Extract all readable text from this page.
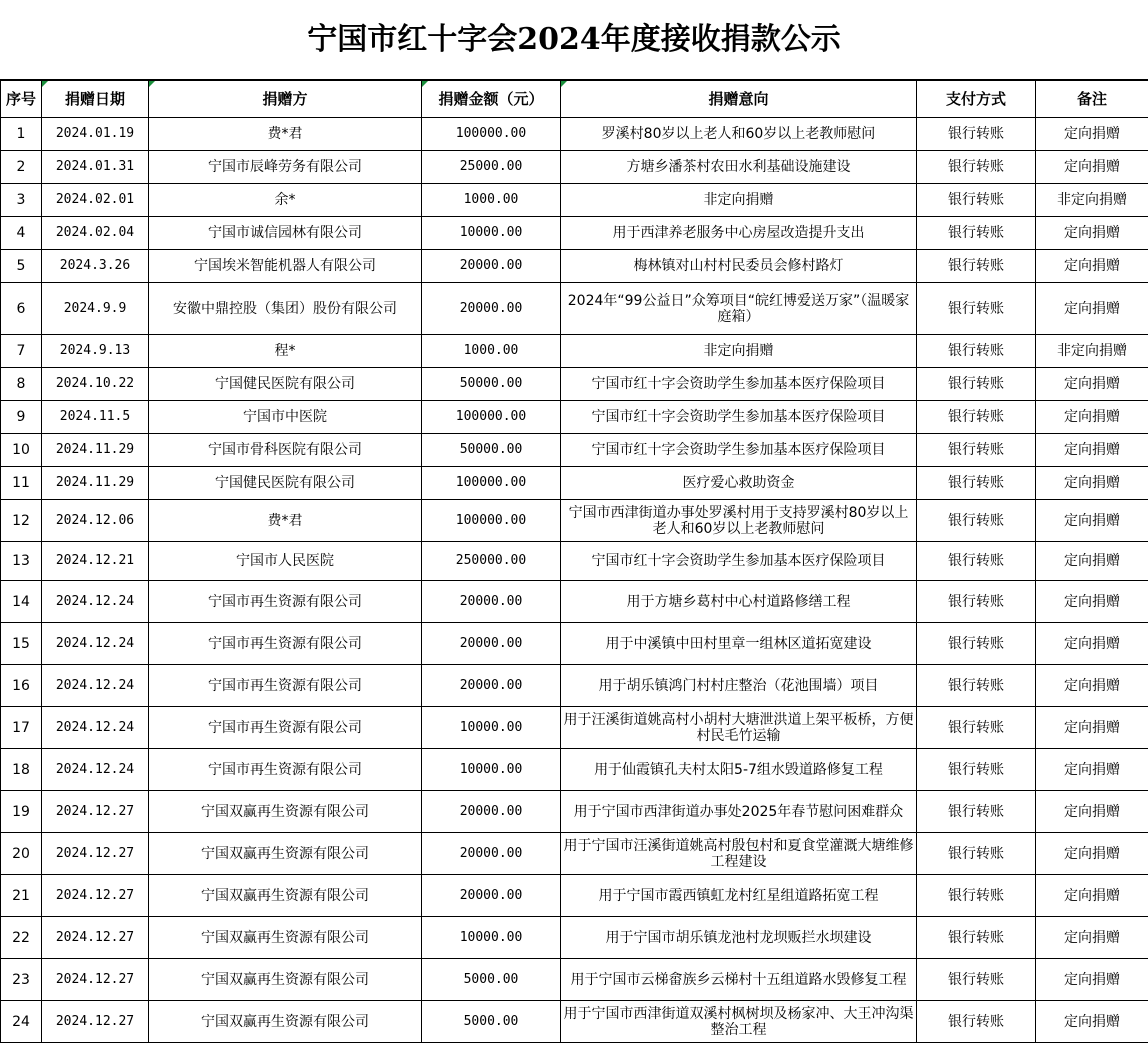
宁国市红十字会2024年度接收捐款公示
序号	捐赠日期	捐赠方	捐赠金额（元）	捐赠意向	支付方式	备注
1	2024.01.19	费*君	100000.00	罗溪村80岁以上老人和60岁以上老教师慰问	银行转账	定向捐赠
2	2024.01.31	宁国市辰峰劳务有限公司	25000.00	方塘乡潘茶村农田水利基础设施建设	银行转账	定向捐赠
3	2024.02.01	余*	1000.00	非定向捐赠	银行转账	非定向捐赠
4	2024.02.04	宁国市诚信园林有限公司	10000.00	用于西津养老服务中心房屋改造提升支出	银行转账	定向捐赠
5	2024.3.26	宁国埃米智能机器人有限公司	20000.00	梅林镇对山村村民委员会修村路灯	银行转账	定向捐赠
6	2024.9.9	安徽中鼎控股（集团）股份有限公司	20000.00	2024年“99公益日”众筹项目“皖红博爱送万家”（温暖家庭箱）	银行转账	定向捐赠
7	2024.9.13	程*	1000.00	非定向捐赠	银行转账	非定向捐赠
8	2024.10.22	宁国健民医院有限公司	50000.00	宁国市红十字会资助学生参加基本医疗保险项目	银行转账	定向捐赠
9	2024.11.5	宁国市中医院	100000.00	宁国市红十字会资助学生参加基本医疗保险项目	银行转账	定向捐赠
10	2024.11.29	宁国市骨科医院有限公司	50000.00	宁国市红十字会资助学生参加基本医疗保险项目	银行转账	定向捐赠
11	2024.11.29	宁国健民医院有限公司	100000.00	医疗爱心救助资金	银行转账	定向捐赠
12	2024.12.06	费*君	100000.00	宁国市西津街道办事处罗溪村用于支持罗溪村80岁以上老人和60岁以上老教师慰问	银行转账	定向捐赠
13	2024.12.21	宁国市人民医院	250000.00	宁国市红十字会资助学生参加基本医疗保险项目	银行转账	定向捐赠
14	2024.12.24	宁国市再生资源有限公司	20000.00	用于方塘乡葛村中心村道路修缮工程	银行转账	定向捐赠
15	2024.12.24	宁国市再生资源有限公司	20000.00	用于中溪镇中田村里章一组林区道拓宽建设	银行转账	定向捐赠
16	2024.12.24	宁国市再生资源有限公司	20000.00	用于胡乐镇鸿门村村庄整治（花池围墙）项目	银行转账	定向捐赠
17	2024.12.24	宁国市再生资源有限公司	10000.00	用于汪溪街道姚高村小胡村大塘泄洪道上架平板桥，方便村民毛竹运输	银行转账	定向捐赠
18	2024.12.24	宁国市再生资源有限公司	10000.00	用于仙霞镇孔夫村太阳5-7组水毁道路修复工程	银行转账	定向捐赠
19	2024.12.27	宁国双赢再生资源有限公司	20000.00	用于宁国市西津街道办事处2025年春节慰问困难群众	银行转账	定向捐赠
20	2024.12.27	宁国双赢再生资源有限公司	20000.00	用于宁国市汪溪街道姚高村殷包村和夏食堂灌溉大塘维修工程建设	银行转账	定向捐赠
21	2024.12.27	宁国双赢再生资源有限公司	20000.00	用于宁国市霞西镇虹龙村红星组道路拓宽工程	银行转账	定向捐赠
22	2024.12.27	宁国双赢再生资源有限公司	10000.00	用于宁国市胡乐镇龙池村龙坝贩拦水坝建设	银行转账	定向捐赠
23	2024.12.27	宁国双赢再生资源有限公司	5000.00	用于宁国市云梯畲族乡云梯村十五组道路水毁修复工程	银行转账	定向捐赠
24	2024.12.27	宁国双赢再生资源有限公司	5000.00	用于宁国市西津街道双溪村枫树坝及杨家冲、大王冲沟渠整治工程	银行转账	定向捐赠
